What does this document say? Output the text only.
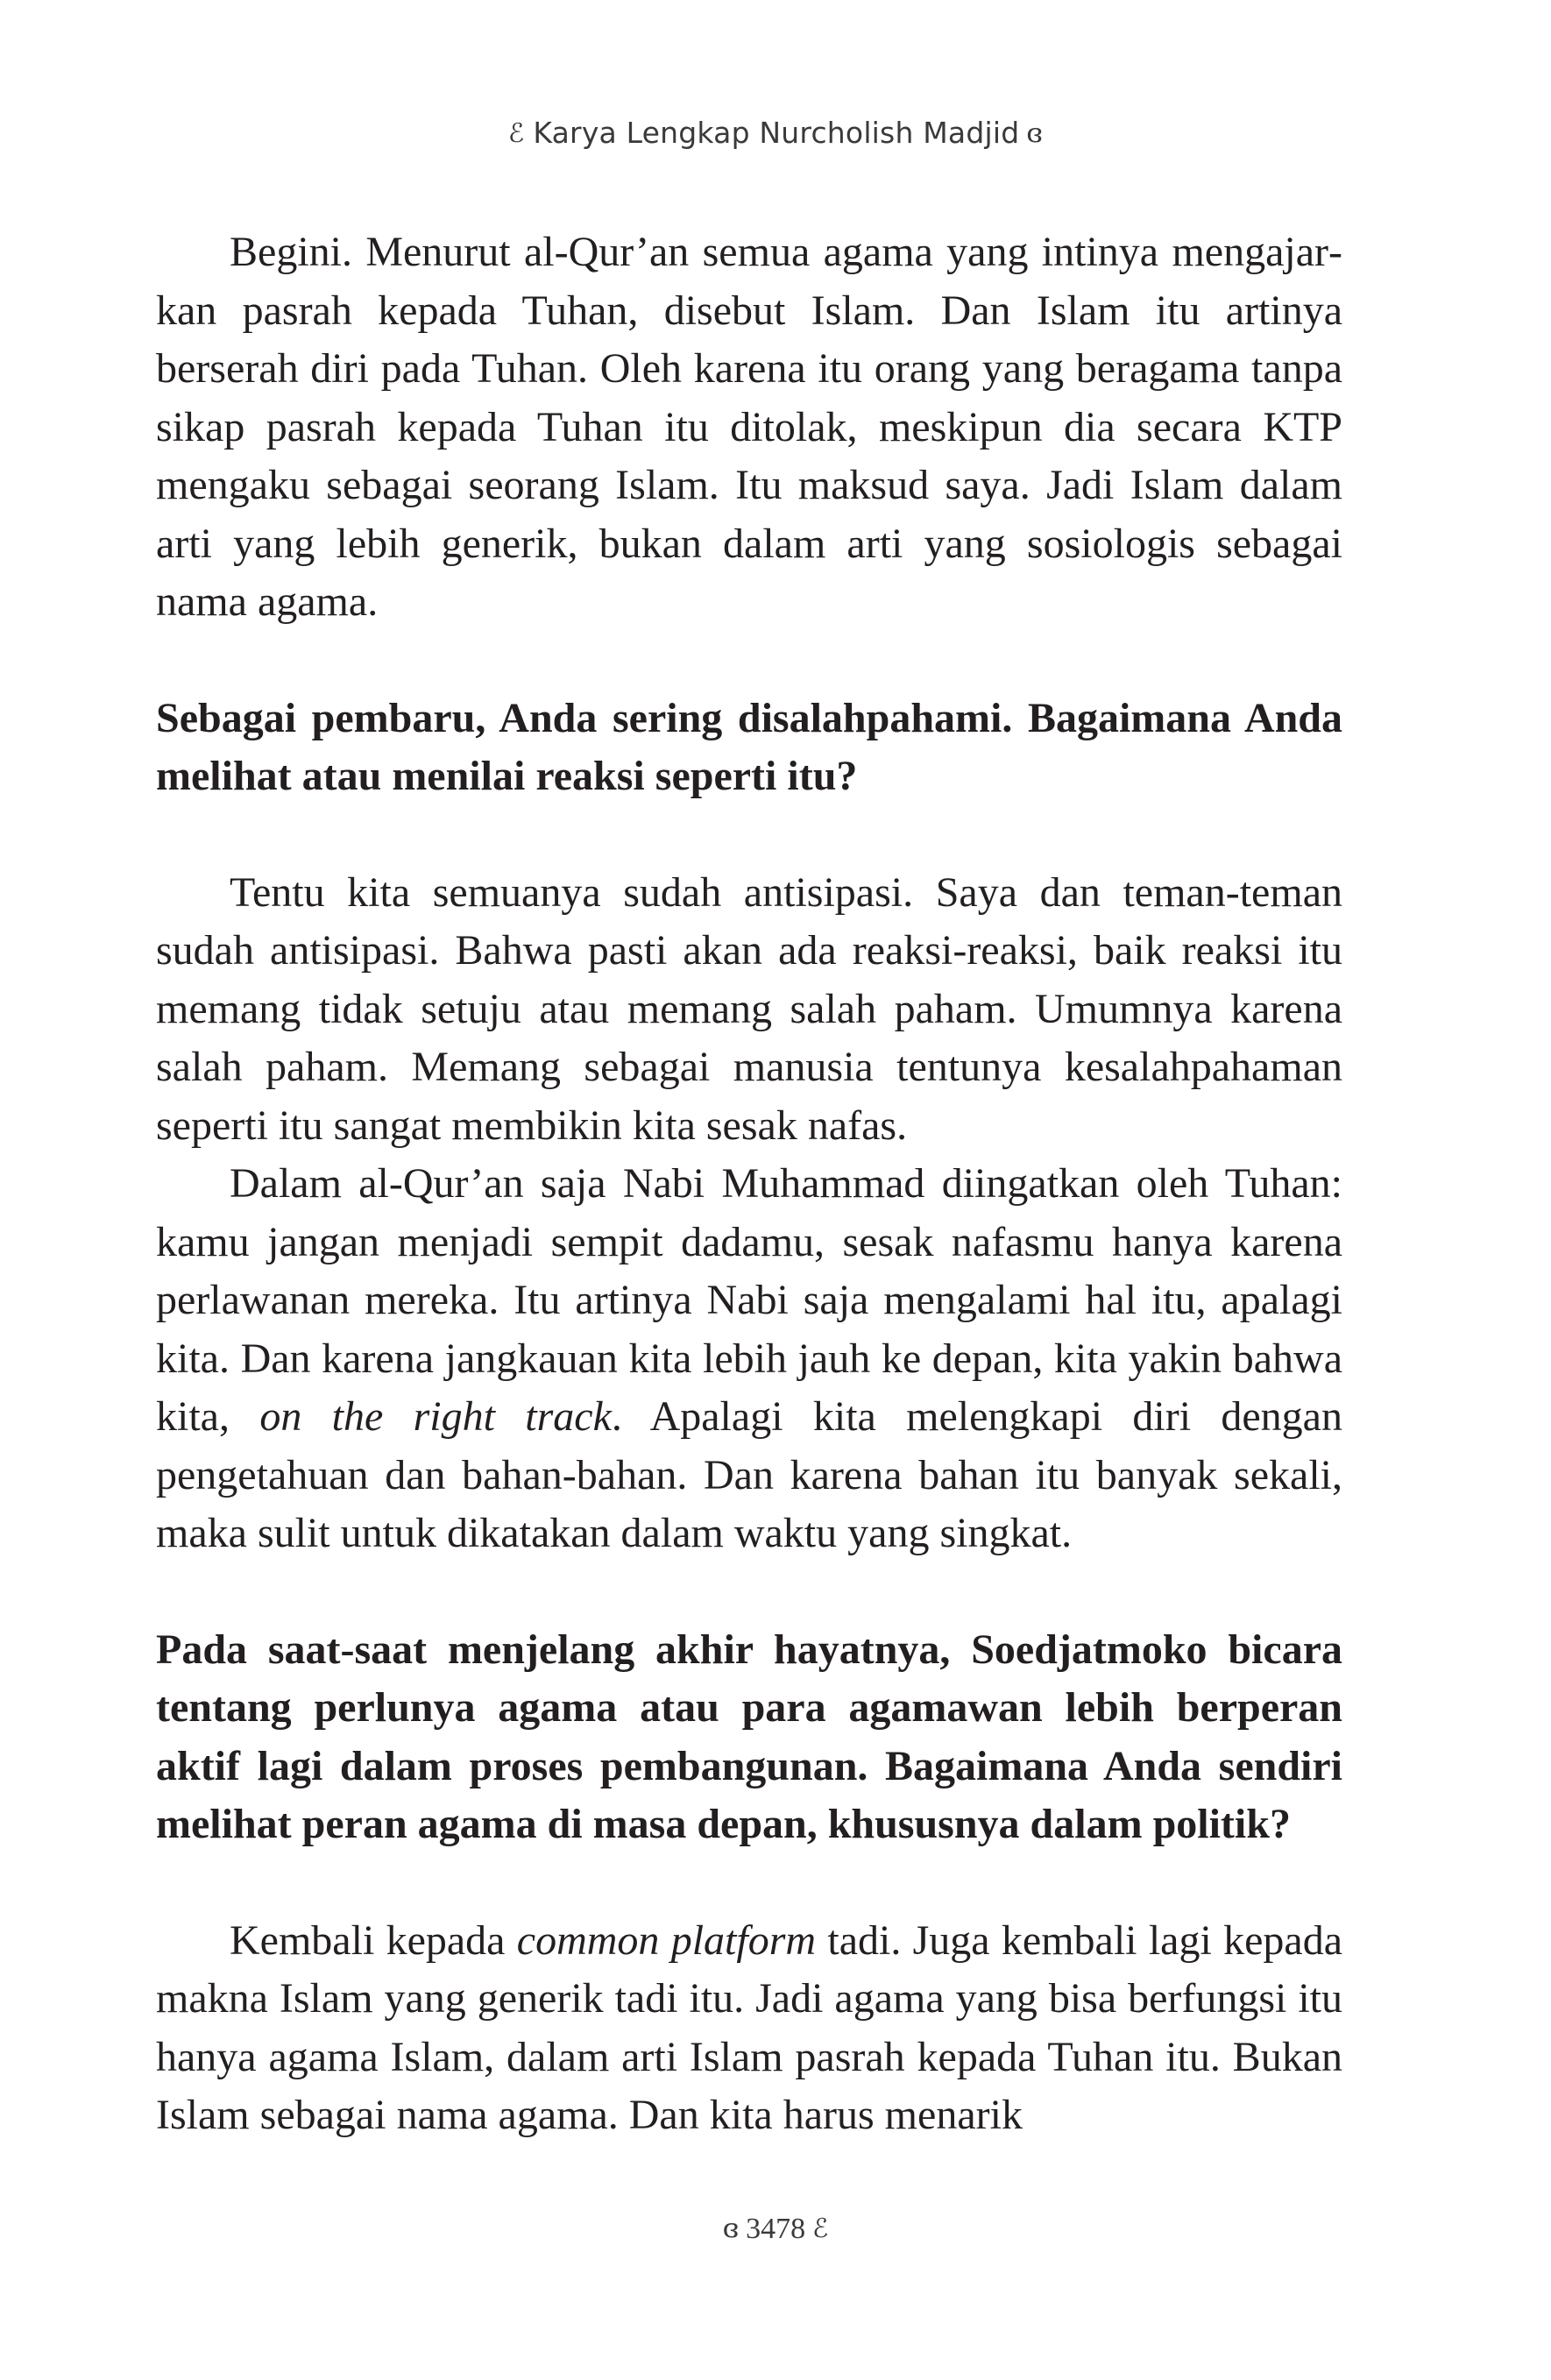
ℰ Karya Lengkap Nurcholish Madjid ɞ

Begini. Menurut al-Qur’an semua agama yang intinya mengajarkan pasrah kepada Tuhan, disebut Islam. Dan Islam itu artinya berserah diri pada Tuhan. Oleh karena itu orang yang beragama tanpa sikap pasrah kepada Tuhan itu ditolak, meskipun dia secara KTP mengaku sebagai seorang Islam. Itu maksud saya. Jadi Islam dalam arti yang lebih generik, bukan dalam arti yang sosiologis sebagai nama agama.

Sebagai pembaru, Anda sering disalahpahami. Bagaimana Anda melihat atau menilai reaksi seperti itu?

Tentu kita semuanya sudah antisipasi. Saya dan teman-teman sudah antisipasi. Bahwa pasti akan ada reaksi-reaksi, baik reaksi itu memang tidak setuju atau memang salah paham. Umumnya karena salah paham. Memang sebagai manusia tentunya kesalahpahaman seperti itu sangat membikin kita sesak nafas.

Dalam al-Qur’an saja Nabi Muhammad diingatkan oleh Tuhan: kamu jangan menjadi sempit dadamu, sesak nafasmu hanya karena perlawanan mereka. Itu artinya Nabi saja mengalami hal itu, apalagi kita. Dan karena jangkauan kita lebih jauh ke depan, kita yakin bahwa kita, on the right track. Apalagi kita melengkapi diri dengan pengetahuan dan bahan-bahan. Dan karena bahan itu banyak sekali, maka sulit untuk dikatakan dalam waktu yang singkat.

Pada saat-saat menjelang akhir hayatnya, Soedjatmoko bicara tentang perlunya agama atau para agamawan lebih berperan aktif lagi dalam proses pembangunan. Bagaimana Anda sendiri melihat peran agama di masa depan, khususnya dalam politik?

Kembali kepada common platform tadi. Juga kembali lagi kepada makna Islam yang generik tadi itu. Jadi agama yang bisa berfungsi itu hanya agama Islam, dalam arti Islam pasrah kepada Tuhan itu. Bukan Islam sebagai nama agama. Dan kita harus menarik

ɞ 3478 ℰ
